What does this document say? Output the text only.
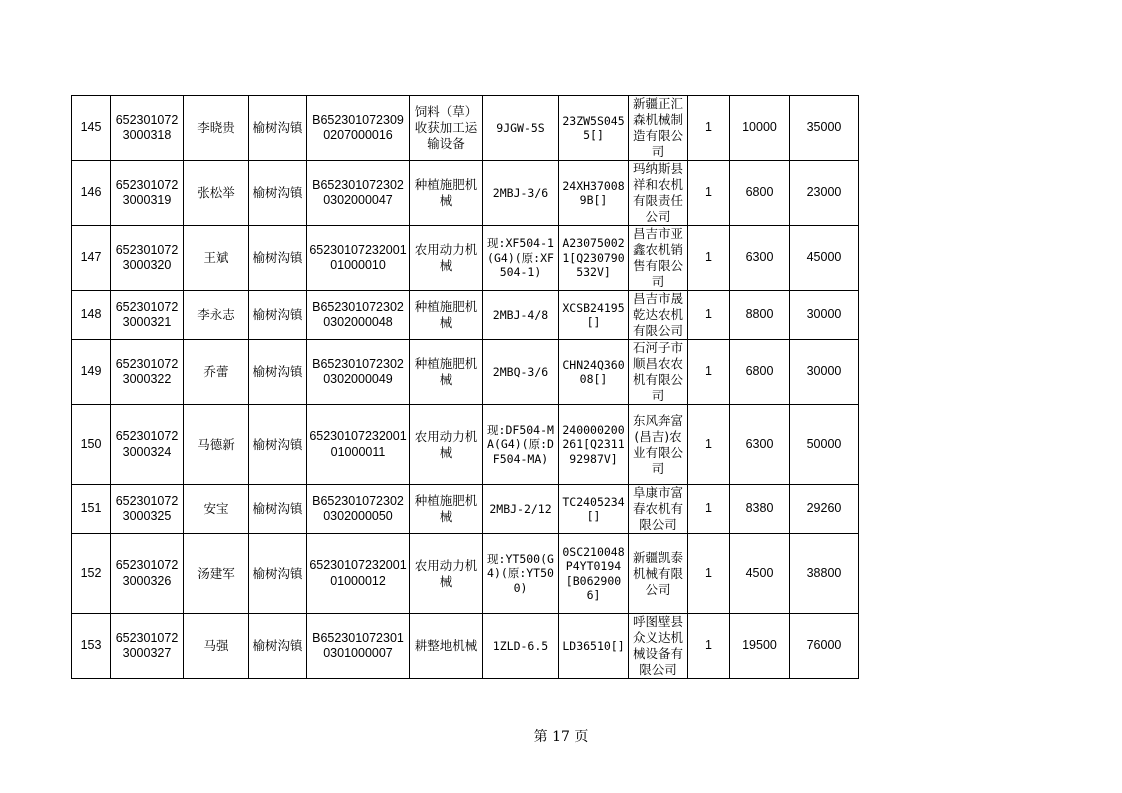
145	6523010723000318	李晓贵	榆树沟镇	B6523010723090207000016	饲料（草）收获加工运输设备	9JGW-5S	23ZW5S0455[]	新疆正汇森机械制造有限公司	1	10000	35000
146	6523010723000319	张松举	榆树沟镇	B6523010723020302000047	种植施肥机械	2MBJ-3/6	24XH370089B[]	玛纳斯县祥和农机有限责任公司	1	6800	23000
147	6523010723000320	王斌	榆树沟镇	6523010723200101000010	农用动力机械	现:XF504-1(G4)(原:XF504-1)	A230750021[Q230790532V]	昌吉市亚鑫农机销售有限公司	1	6300	45000
148	6523010723000321	李永志	榆树沟镇	B6523010723020302000048	种植施肥机械	2MBJ-4/8	XCSB24195[]	昌吉市晟乾达农机有限公司	1	8800	30000
149	6523010723000322	乔蕾	榆树沟镇	B6523010723020302000049	种植施肥机械	2MBQ-3/6	CHN24Q36008[]	石河子市顺昌农农机有限公司	1	6800	30000
150	6523010723000324	马德新	榆树沟镇	6523010723200101000011	农用动力机械	现:DF504-MA(G4)(原:DF504-MA)	240000200261[Q231192987V]	东风奔富(昌吉)农业有限公司	1	6300	50000
151	6523010723000325	安宝	榆树沟镇	B6523010723020302000050	种植施肥机械	2MBJ-2/12	TC2405234[]	阜康市富春农机有限公司	1	8380	29260
152	6523010723000326	汤建军	榆树沟镇	6523010723200101000012	农用动力机械	现:YT500(G4)(原:YT500)	0SC210048P4YT0194[B0629006]	新疆凯泰机械有限公司	1	4500	38800
153	6523010723000327	马强	榆树沟镇	B6523010723010301000007	耕整地机械	1ZLD-6.5	LD36510[]	呼图壁县众义达机械设备有限公司	1	19500	76000
第 17 页
